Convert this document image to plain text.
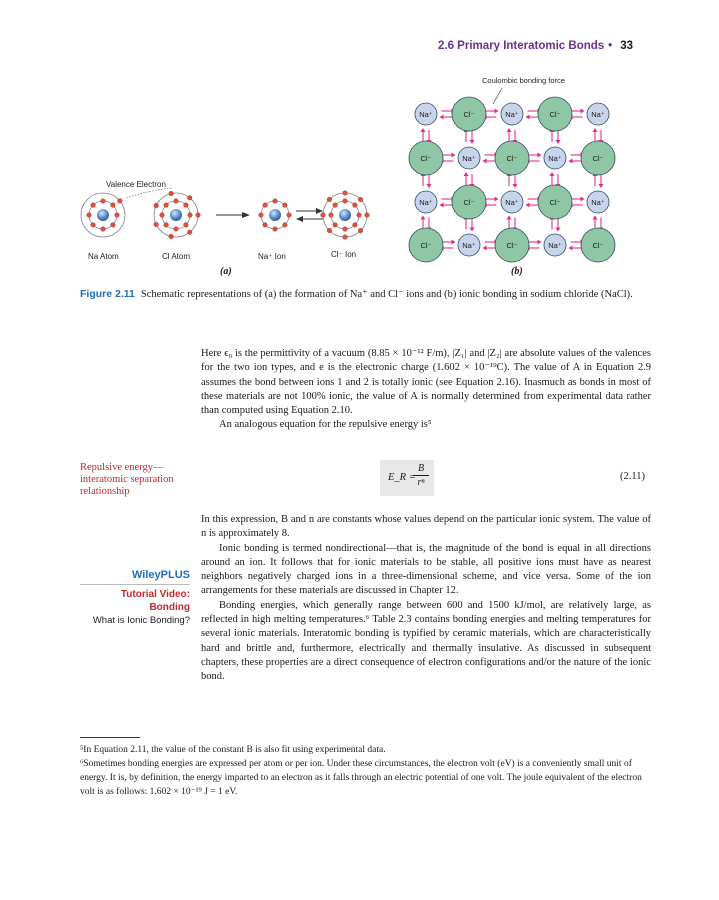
2.6 Primary Interatomic Bonds • 33
Valence Electron
Na Atom	Cl Atom	Na⁺ Ion	Cl⁻ Ion
(a)
Na⁺	Cl⁻	Na⁺	Cl⁻	Na⁺
Cl⁻	Na⁺	Cl⁻	Na⁺	Cl⁻
Na⁺	Cl⁻	Na⁺	Cl⁻	Na⁺
Cl⁻	Na⁺	Cl⁻	Na⁺	Cl⁻
Coulombic bonding force
(b)
Figure 2.11 Schematic representations of (a) the formation of Na⁺ and Cl⁻ ions and (b) ionic bonding in sodium chloride (NaCl).

Here ϵ₀ is the permittivity of a vacuum (8.85 × 10⁻¹² F/m), |Z₁| and |Z₂| are absolute values of the valences for the two ion types, and e is the electronic charge (1.602 × 10⁻¹⁹C). The value of A in Equation 2.9 assumes the bond between ions 1 and 2 is totally ionic (see Equation 2.16). Inasmuch as bonds in most of these materials are not 100% ionic, the value of A is normally determined from experimental data rather than computed using Equation 2.10.

An analogous equation for the repulsive energy is⁵

Repulsive energy—interatomic separation relationship
E_R =
B
rⁿ
(2.11)

In this expression, B and n are constants whose values depend on the particular ionic system. The value of n is approximately 8.

Ionic bonding is termed nondirectional—that is, the magnitude of the bond is equal in all directions around an ion. It follows that for ionic materials to be stable, all positive ions must have as nearest neighbors negatively charged ions in a three-dimensional scheme, and vice versa. Some of the ion arrangements for these materials are discussed in Chapter 12.

Bonding energies, which generally range between 600 and 1500 kJ/mol, are relatively large, as reflected in high melting temperatures.⁶ Table 2.3 contains bonding energies and melting temperatures for several ionic materials. Interatomic bonding is typified by ceramic materials, which are characteristically hard and brittle and, furthermore, electrically and thermally insulative. As discussed in subsequent chapters, these properties are a direct consequence of electron configurations and/or the nature of the ionic bond.

WileyPLUS
Tutorial Video: Bonding
What is Ionic Bonding?

⁵In Equation 2.11, the value of the constant B is also fit using experimental data.

⁶Sometimes bonding energies are expressed per atom or per ion. Under these circumstances, the electron volt (eV) is a conveniently small unit of energy. It is, by definition, the energy imparted to an electron as it falls through an electric potential of one volt. The joule equivalent of the electron volt is as follows: 1.602 × 10⁻¹⁹ J = 1 eV.
